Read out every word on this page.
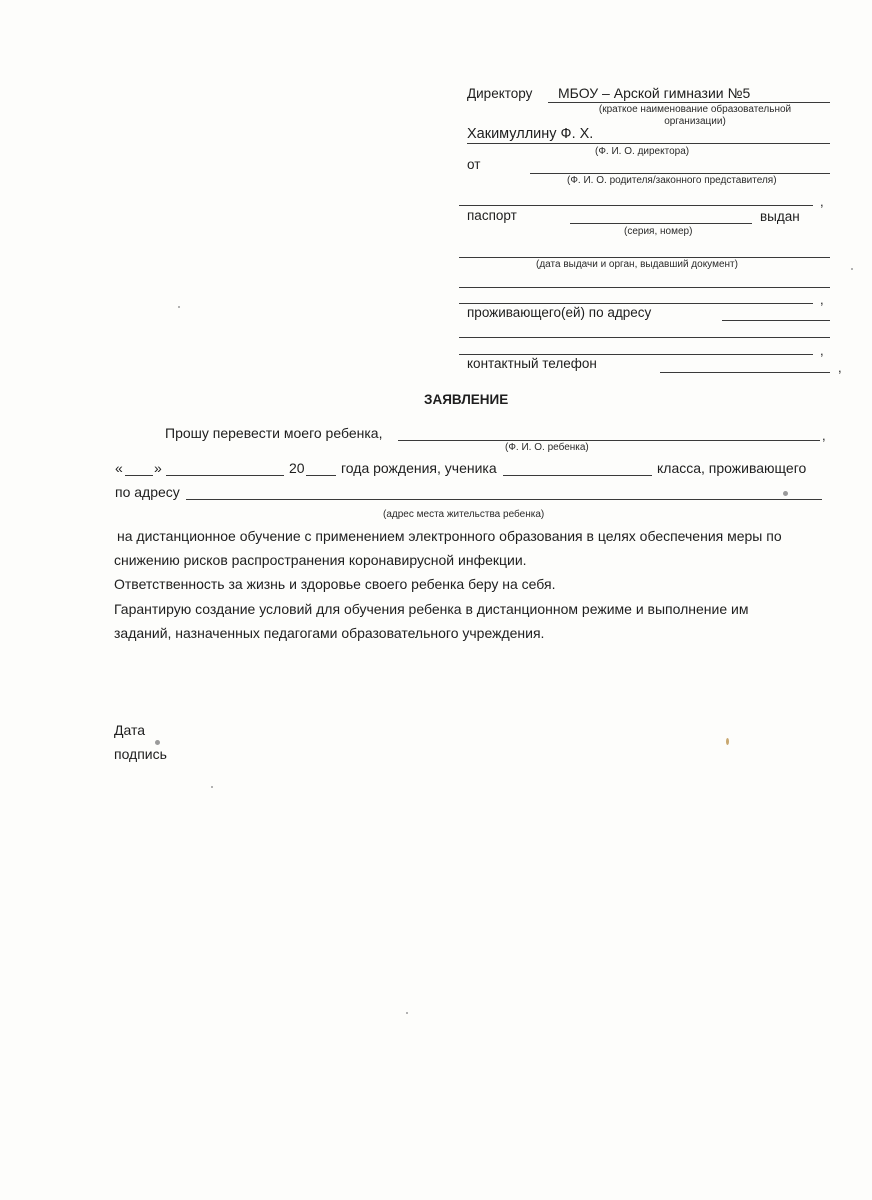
Директору МБОУ – Арской гимназии №5
(краткое наименование образовательной организации)
Хакимуллину Ф. Х.
(Ф. И. О. директора)
от
(Ф. И. О. родителя/законного представителя)
,
паспорт	выдан
(серия, номер)
(дата выдачи и орган, выдавший документ)
,
проживающего(ей) по адресу
,
контактный телефон	,
ЗАЯВЛЕНИЕ
Прошу перевести моего ребенка,	,
(Ф. И. О. ребенка)
« »	20	года рождения, ученика	класса, проживающего
по адресу
(адрес места жительства ребенка)
на дистанционное обучение с применением электронного образования в целях обеспечения меры по
снижению рисков распространения коронавирусной инфекции.
Ответственность за жизнь и здоровье своего ребенка беру на себя.
Гарантирую создание условий для обучения ребенка в дистанционном режиме и выполнение им
заданий, назначенных педагогами образовательного учреждения.
Дата
подпись
